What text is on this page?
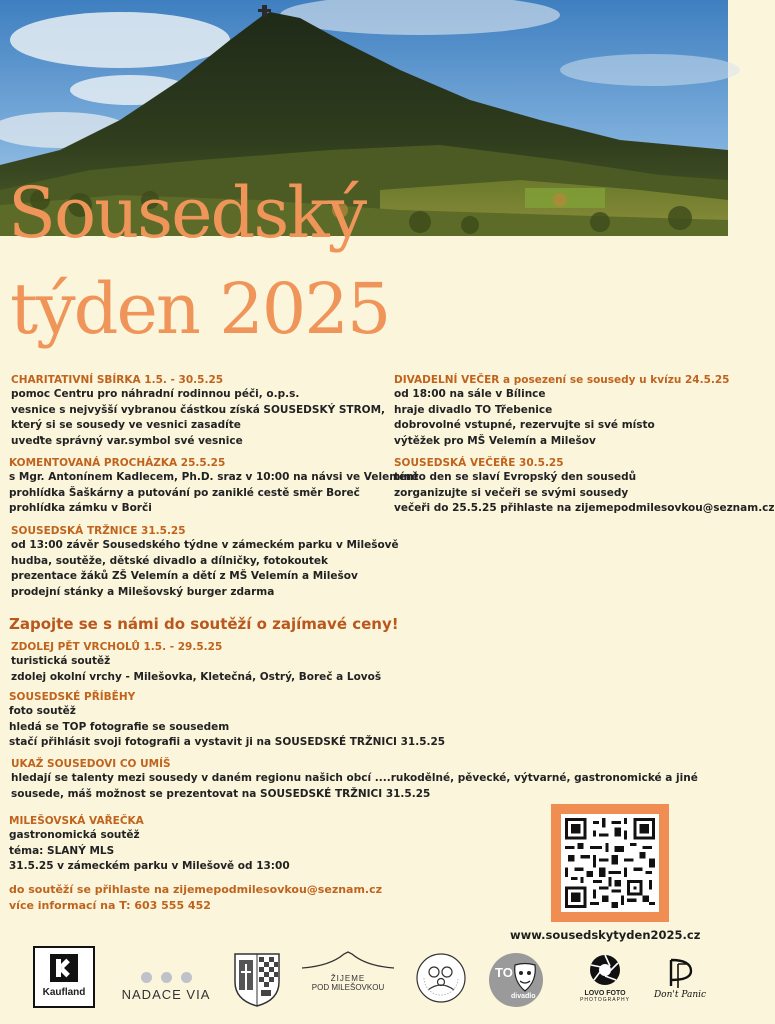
Sousedský
týden 2025
CHARITATIVNÍ SBÍRKA 1.5. - 30.5.25
pomoc Centru pro náhradní rodinnou péči, o.p.s.
vesnice s nejvyšší vybranou částkou získá SOUSEDSKÝ STROM,
který si se sousedy ve vesnici zasadíte
uveďte správný var.symbol své vesnice
KOMENTOVANÁ PROCHÁZKA 25.5.25
s Mgr. Antonínem Kadlecem, Ph.D. sraz v 10:00 na návsi ve Velemíně
prohlídka Šaškárny a putování po zaniklé cestě směr Boreč
prohlídka zámku v Borči
SOUSEDSKÁ TRŽNICE 31.5.25
od 13:00 závěr Sousedského týdne v zámeckém parku v Milešově
hudba, soutěže, dětské divadlo a dílničky, fotokoutek
prezentace žáků ZŠ Velemín a dětí z MŠ Velemín a Milešov
prodejní stánky a Milešovský burger zdarma
DIVADELNÍ VEČER a posezení se sousedy u kvízu 24.5.25
od 18:00 na sále v Bílince
hraje divadlo TO Třebenice
dobrovolné vstupné, rezervujte si své místo
výtěžek pro MŠ Velemín a Milešov
SOUSEDSKÁ VEČEŘE 30.5.25
tento den se slaví Evropský den sousedů
zorganizujte si večeři se svými sousedy
večeři do 25.5.25 přihlaste na zijemepodmilesovkou@seznam.cz
Zapojte se s námi do soutěží o zajímavé ceny!
ZDOLEJ PĚT VRCHOLŮ 1.5. - 29.5.25
turistická soutěž
zdolej okolní vrchy - Milešovka, Kletečná, Ostrý, Boreč a Lovoš
SOUSEDSKÉ PŘÍBĚHY
foto soutěž
hledá se TOP fotografie se sousedem
stačí přihlásit svoji fotografii a vystavit ji na SOUSEDSKÉ TRŽNICI 31.5.25
UKAŽ SOUSEDOVI CO UMÍŠ
hledají se talenty mezi sousedy v daném regionu našich obcí ....rukodělné, pěvecké, výtvarné, gastronomické a jiné
sousede, máš možnost se prezentovat na SOUSEDSKÉ TRŽNICI 31.5.25
MILEŠOVSKÁ VAŘEČKA
gastronomická soutěž
téma: SLANÝ MLS
31.5.25 v zámeckém parku v Milešově od 13:00
do soutěží se přihlaste na zijemepodmilesovkou@seznam.cz
více informací na T: 603 555 452
www.sousedskytyden2025.cz
Kaufland	NADACE VIA
ŽIJEME
POD MILEŠOVKOU
TO
divadlo	LOVO FOTO
PHOTOGRAPHY	Don't Panic
